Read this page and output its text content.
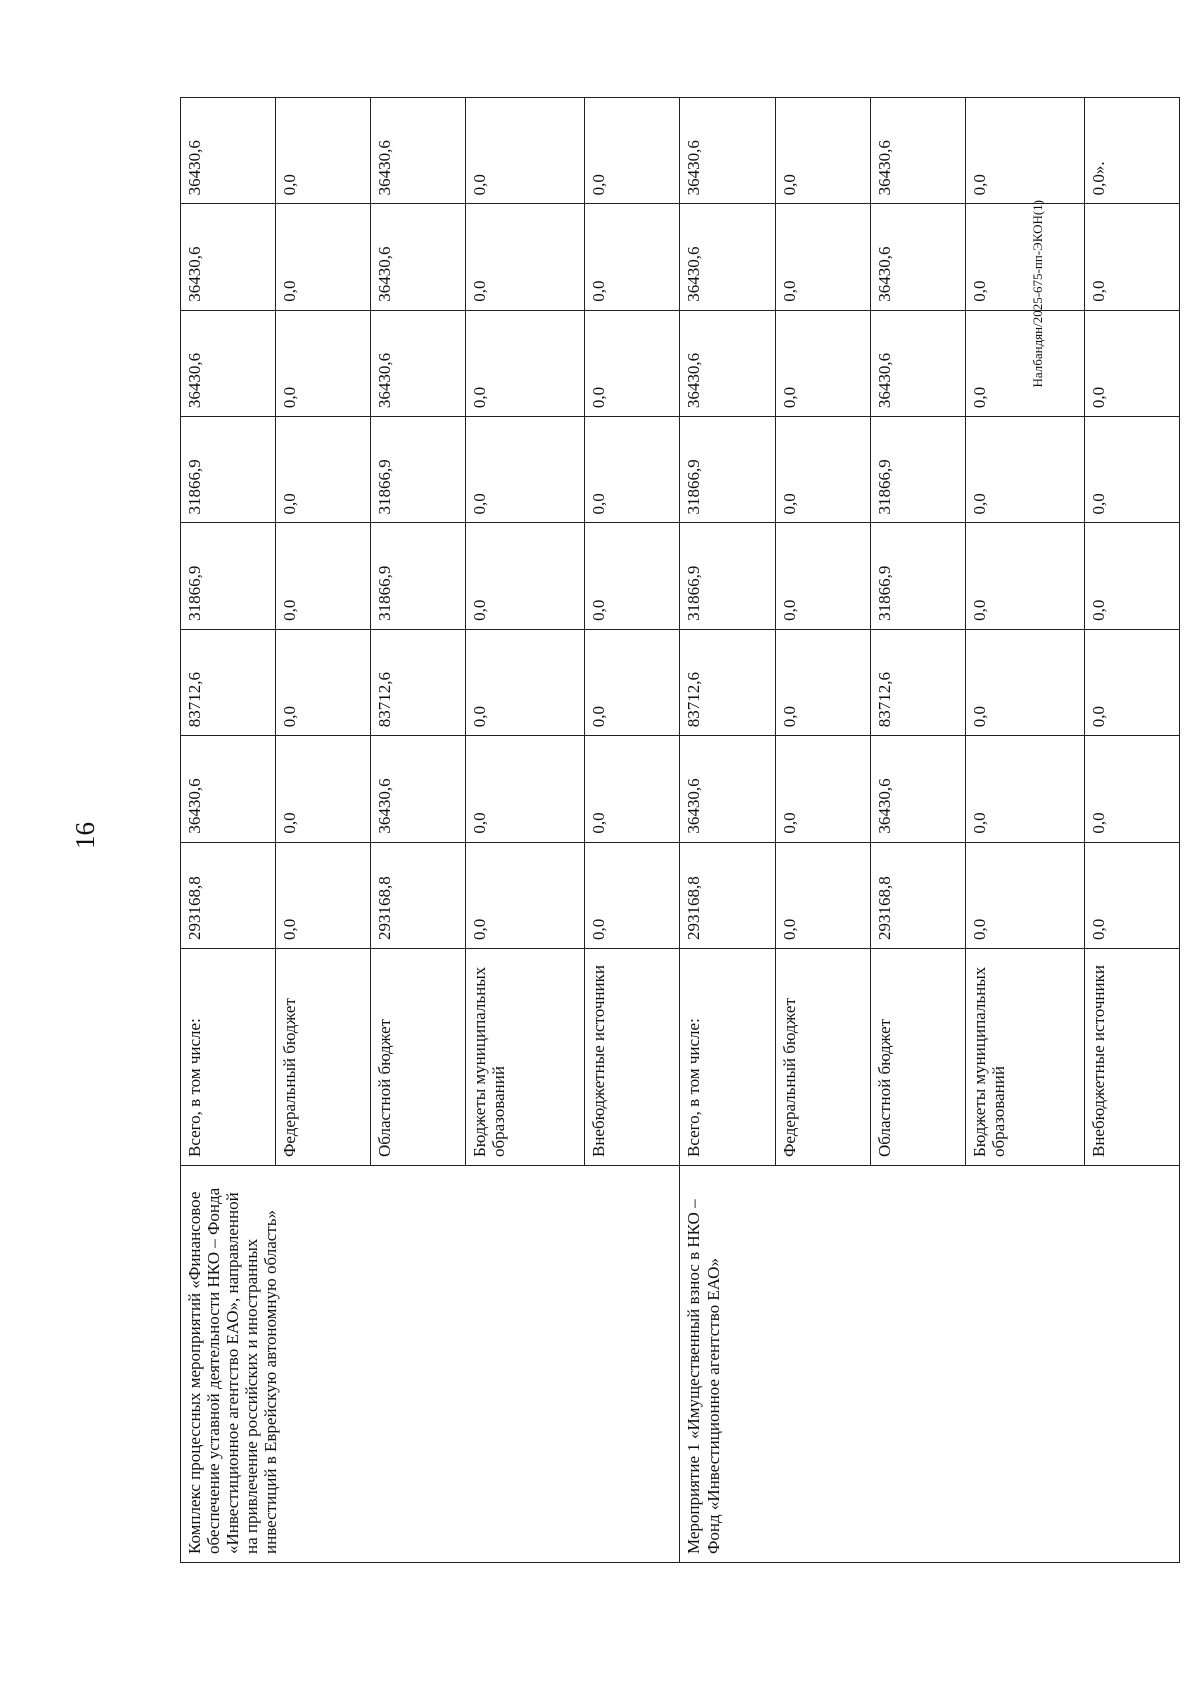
16
Налбандян/2025-675-пп-ЭКОН(1)
Комплекс процессных мероприятий «Финансовое обеспечение уставной деятельности НКО – Фонда «Инвестиционное агентство ЕАО», направленной на привлечение российских и иностранных инвестиций в Еврейскую автономную область»	Всего, в том числе:	293168,8	36430,6	83712,6	31866,9	31866,9	36430,6	36430,6	36430,6
	Федеральный бюджет	0,0	0,0	0,0	0,0	0,0	0,0	0,0	0,0
	Областной бюджет	293168,8	36430,6	83712,6	31866,9	31866,9	36430,6	36430,6	36430,6
	Бюджеты муниципальных образований	0,0	0,0	0,0	0,0	0,0	0,0	0,0	0,0
	Внебюджетные источники	0,0	0,0	0,0	0,0	0,0	0,0	0,0	0,0
Мероприятие 1 «Имущественный взнос в НКО – Фонд «Инвестиционное агентство ЕАО»	Всего, в том числе:	293168,8	36430,6	83712,6	31866,9	31866,9	36430,6	36430,6	36430,6
	Федеральный бюджет	0,0	0,0	0,0	0,0	0,0	0,0	0,0	0,0
	Областной бюджет	293168,8	36430,6	83712,6	31866,9	31866,9	36430,6	36430,6	36430,6
	Бюджеты муниципальных образований	0,0	0,0	0,0	0,0	0,0	0,0	0,0	0,0
	Внебюджетные источники	0,0	0,0	0,0	0,0	0,0	0,0	0,0	0,0».
